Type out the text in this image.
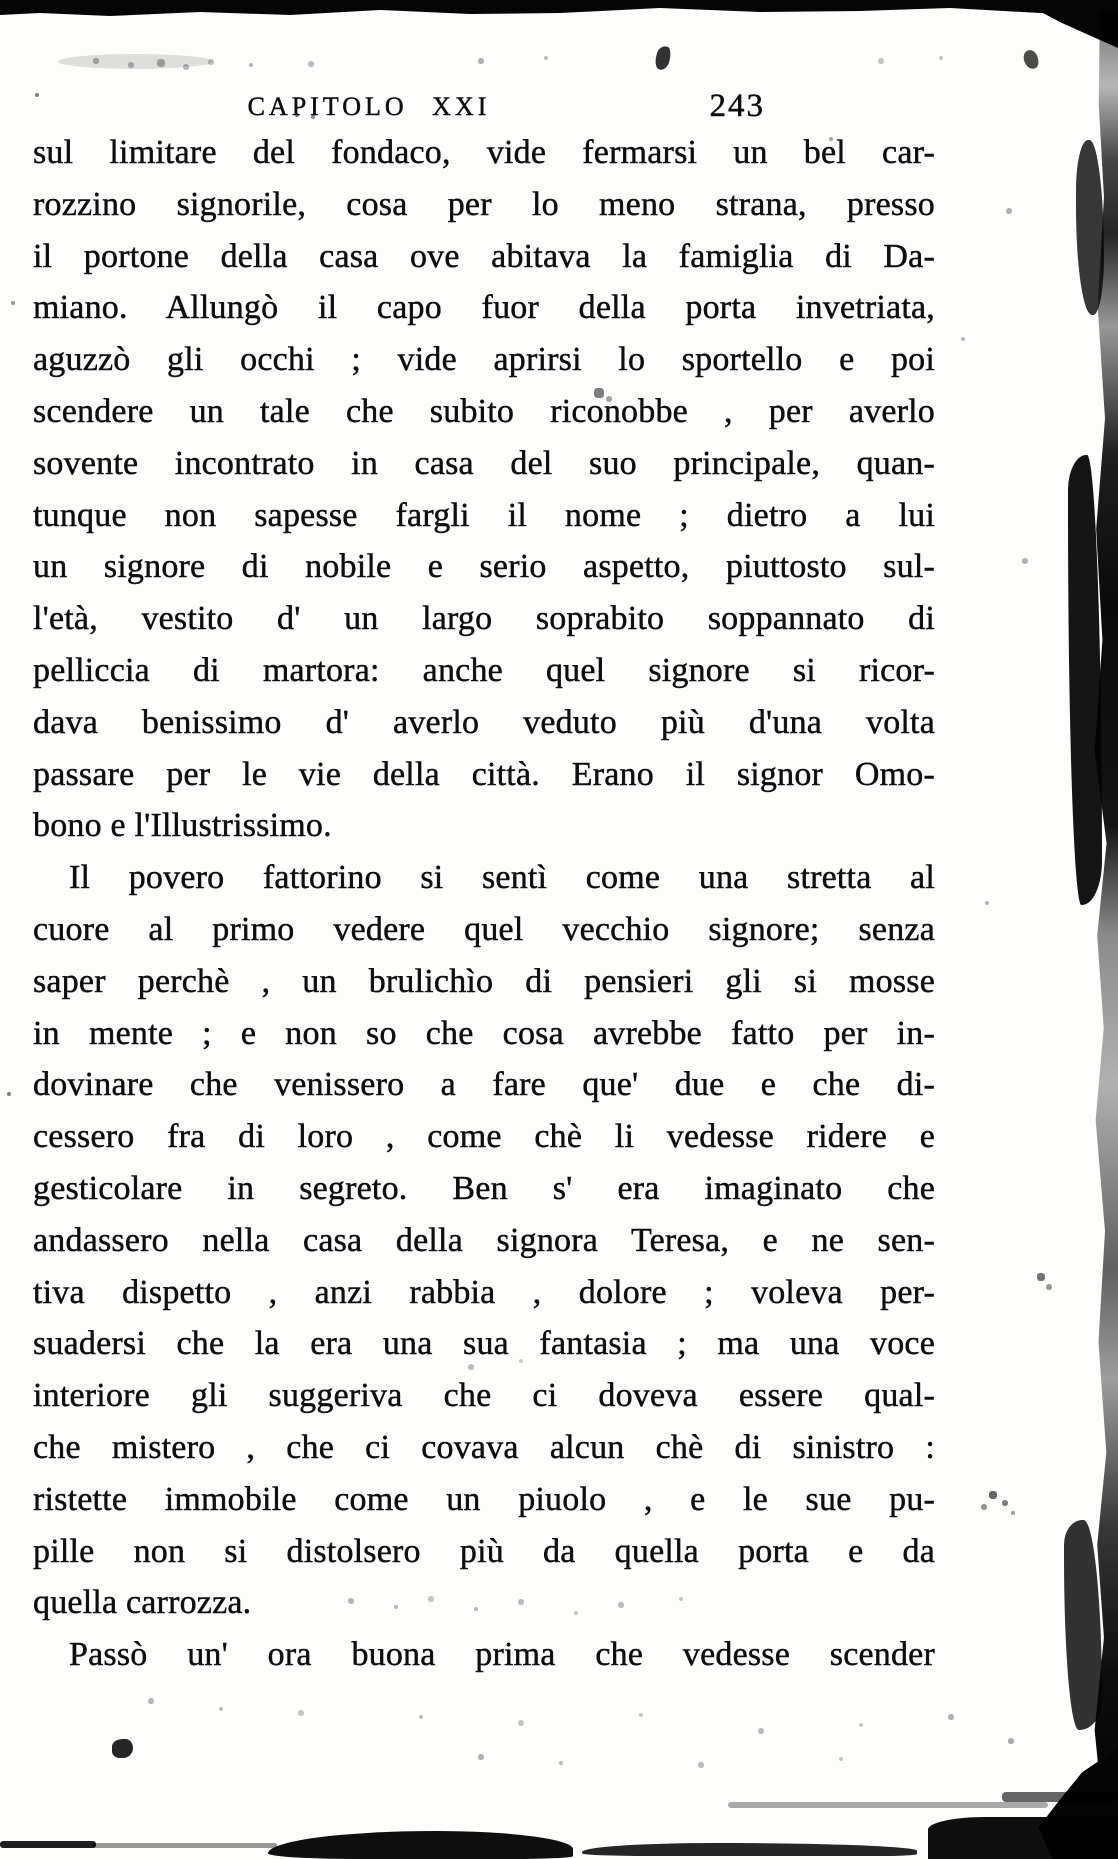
CAPITOLO XXI	243
sul limitare del fondaco, vide fermarsi un bel car-
rozzino signorile, cosa per lo meno strana, presso
il portone della casa ove abitava la famiglia di Da-
miano. Allungò il capo fuor della porta invetriata,
aguzzò gli occhi ; vide aprirsi lo sportello e poi
scendere un tale che subito riconobbe , per averlo
sovente incontrato in casa del suo principale, quan-
tunque non sapesse fargli il nome ; dietro a lui
un signore di nobile e serio aspetto, piuttosto sul-
l'età, vestito d' un largo soprabito soppannato di
pelliccia di martora: anche quel signore si ricor-
dava benissimo d' averlo veduto più d'una volta
passare per le vie della città. Erano il signor Omo-
bono e l'Illustrissimo.
Il povero fattorino si sentì come una stretta al
cuore al primo vedere quel vecchio signore; senza
saper perchè , un brulichìo di pensieri gli si mosse
in mente ; e non so che cosa avrebbe fatto per in-
dovinare che venissero a fare que' due e che di-
cessero fra di loro , come chè li vedesse ridere e
gesticolare in segreto. Ben s' era imaginato che
andassero nella casa della signora Teresa, e ne sen-
tiva dispetto , anzi rabbia , dolore ; voleva per-
suadersi che la era una sua fantasia ; ma una voce
interiore gli suggeriva che ci doveva essere qual-
che mistero , che ci covava alcun chè di sinistro :
ristette immobile come un piuolo , e le sue pu-
pille non si distolsero più da quella porta e da
quella carrozza.
Passò un' ora buona prima che vedesse scender
